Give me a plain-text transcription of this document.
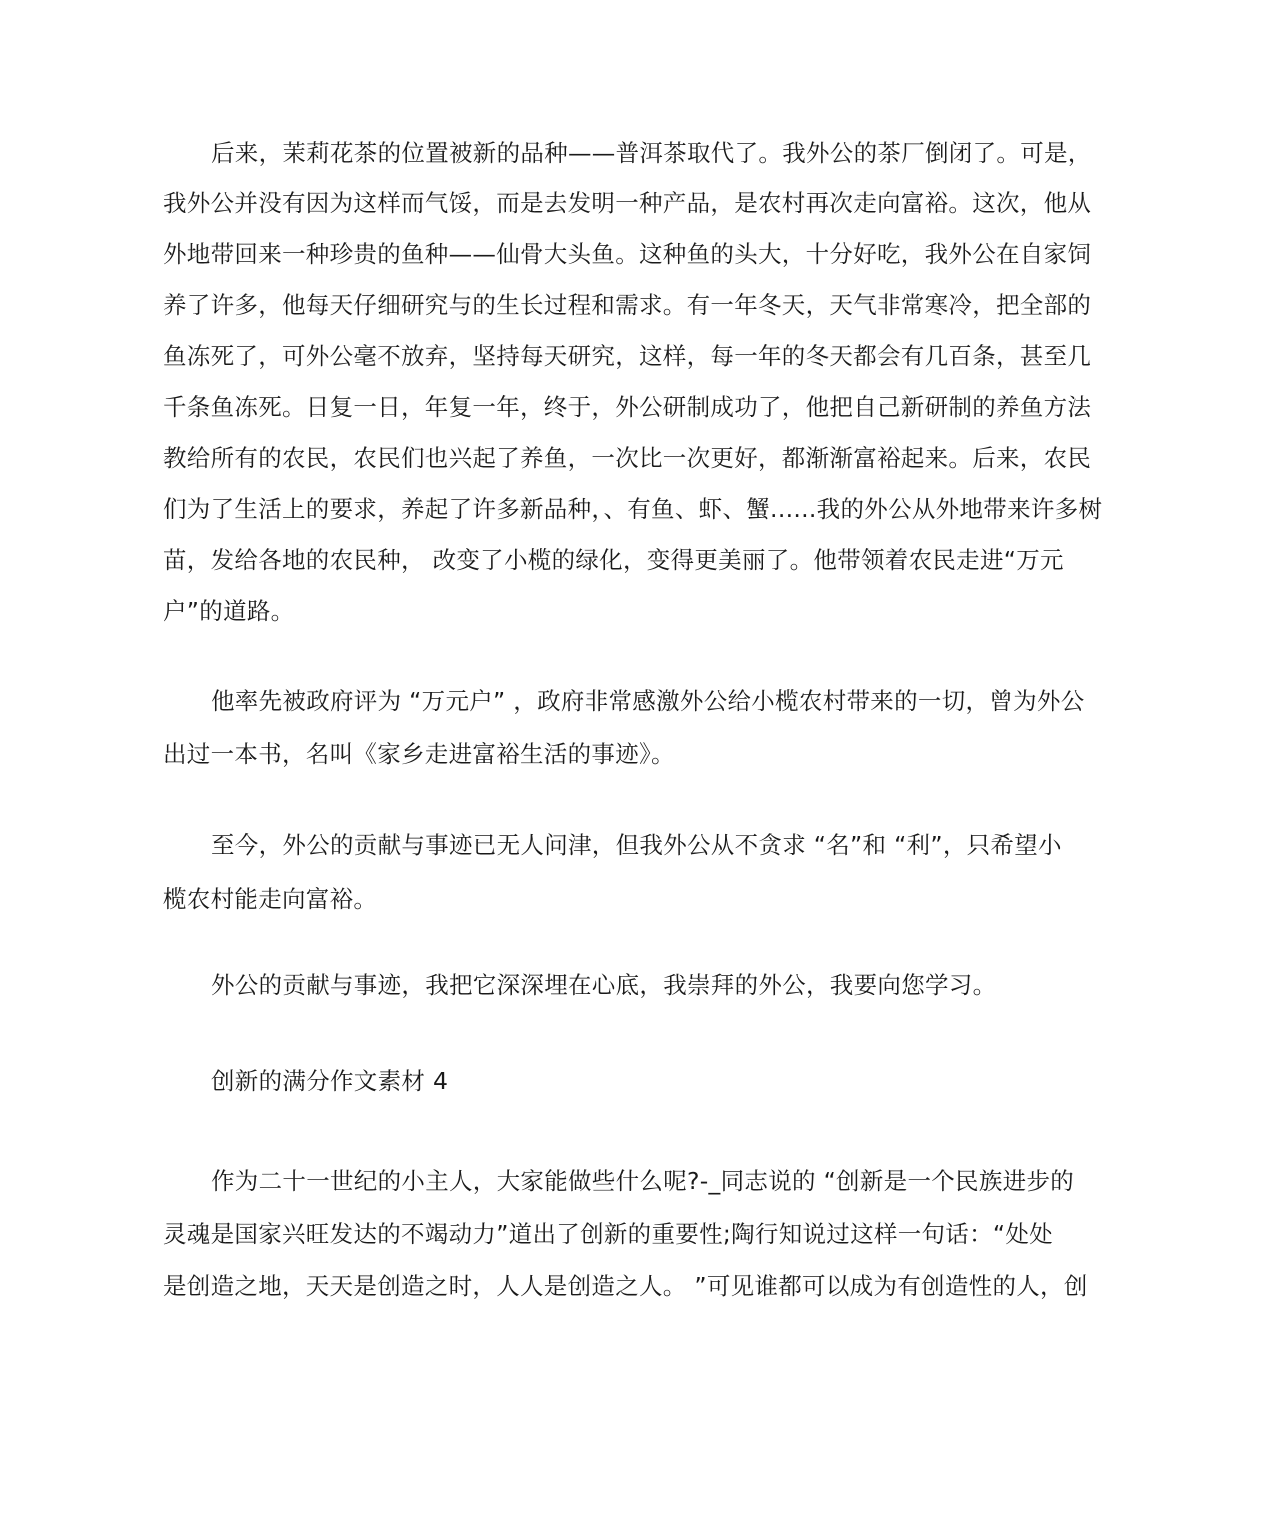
后来，茉莉花茶的位置被新的品种——普洱茶取代了。我外公的茶厂倒闭了。可是，
我外公并没有因为这样而气馁，而是去发明一种产品，是农村再次走向富裕。这次，他从
外地带回来一种珍贵的鱼种——仙骨大头鱼。这种鱼的头大，十分好吃，我外公在自家饲
养了许多，他每天仔细研究与的生长过程和需求。有一年冬天，天气非常寒冷，把全部的
鱼冻死了，可外公毫不放弃，坚持每天研究，这样，每一年的冬天都会有几百条，甚至几
千条鱼冻死。日复一日，年复一年，终于，外公研制成功了，他把自己新研制的养鱼方法
教给所有的农民，农民们也兴起了养鱼，一次比一次更好，都渐渐富裕起来。后来，农民
们为了生活上的要求，养起了许多新品种，、有鱼、虾、蟹......我的外公从外地带来许多树
苗，发给各地的农民种， 改变了小榄的绿化，变得更美丽了。他带领着农民走进“万元
户”的道路。
他率先被政府评为 “万元户” ，政府非常感激外公给小榄农村带来的一切，曾为外公
出过一本书，名叫《家乡走进富裕生活的事迹》。
至今，外公的贡献与事迹已无人问津，但我外公从不贪求 “名”和 “利”，只希望小
榄农村能走向富裕。
外公的贡献与事迹，我把它深深埋在心底，我崇拜的外公，我要向您学习。
创新的满分作文素材 4
作为二十一世纪的小主人，大家能做些什么呢?-_同志说的 “创新是一个民族进步的
灵魂是国家兴旺发达的不竭动力”道出了创新的重要性;陶行知说过这样一句话：“处处
是创造之地，天天是创造之时，人人是创造之人。 ”可见谁都可以成为有创造性的人，创
